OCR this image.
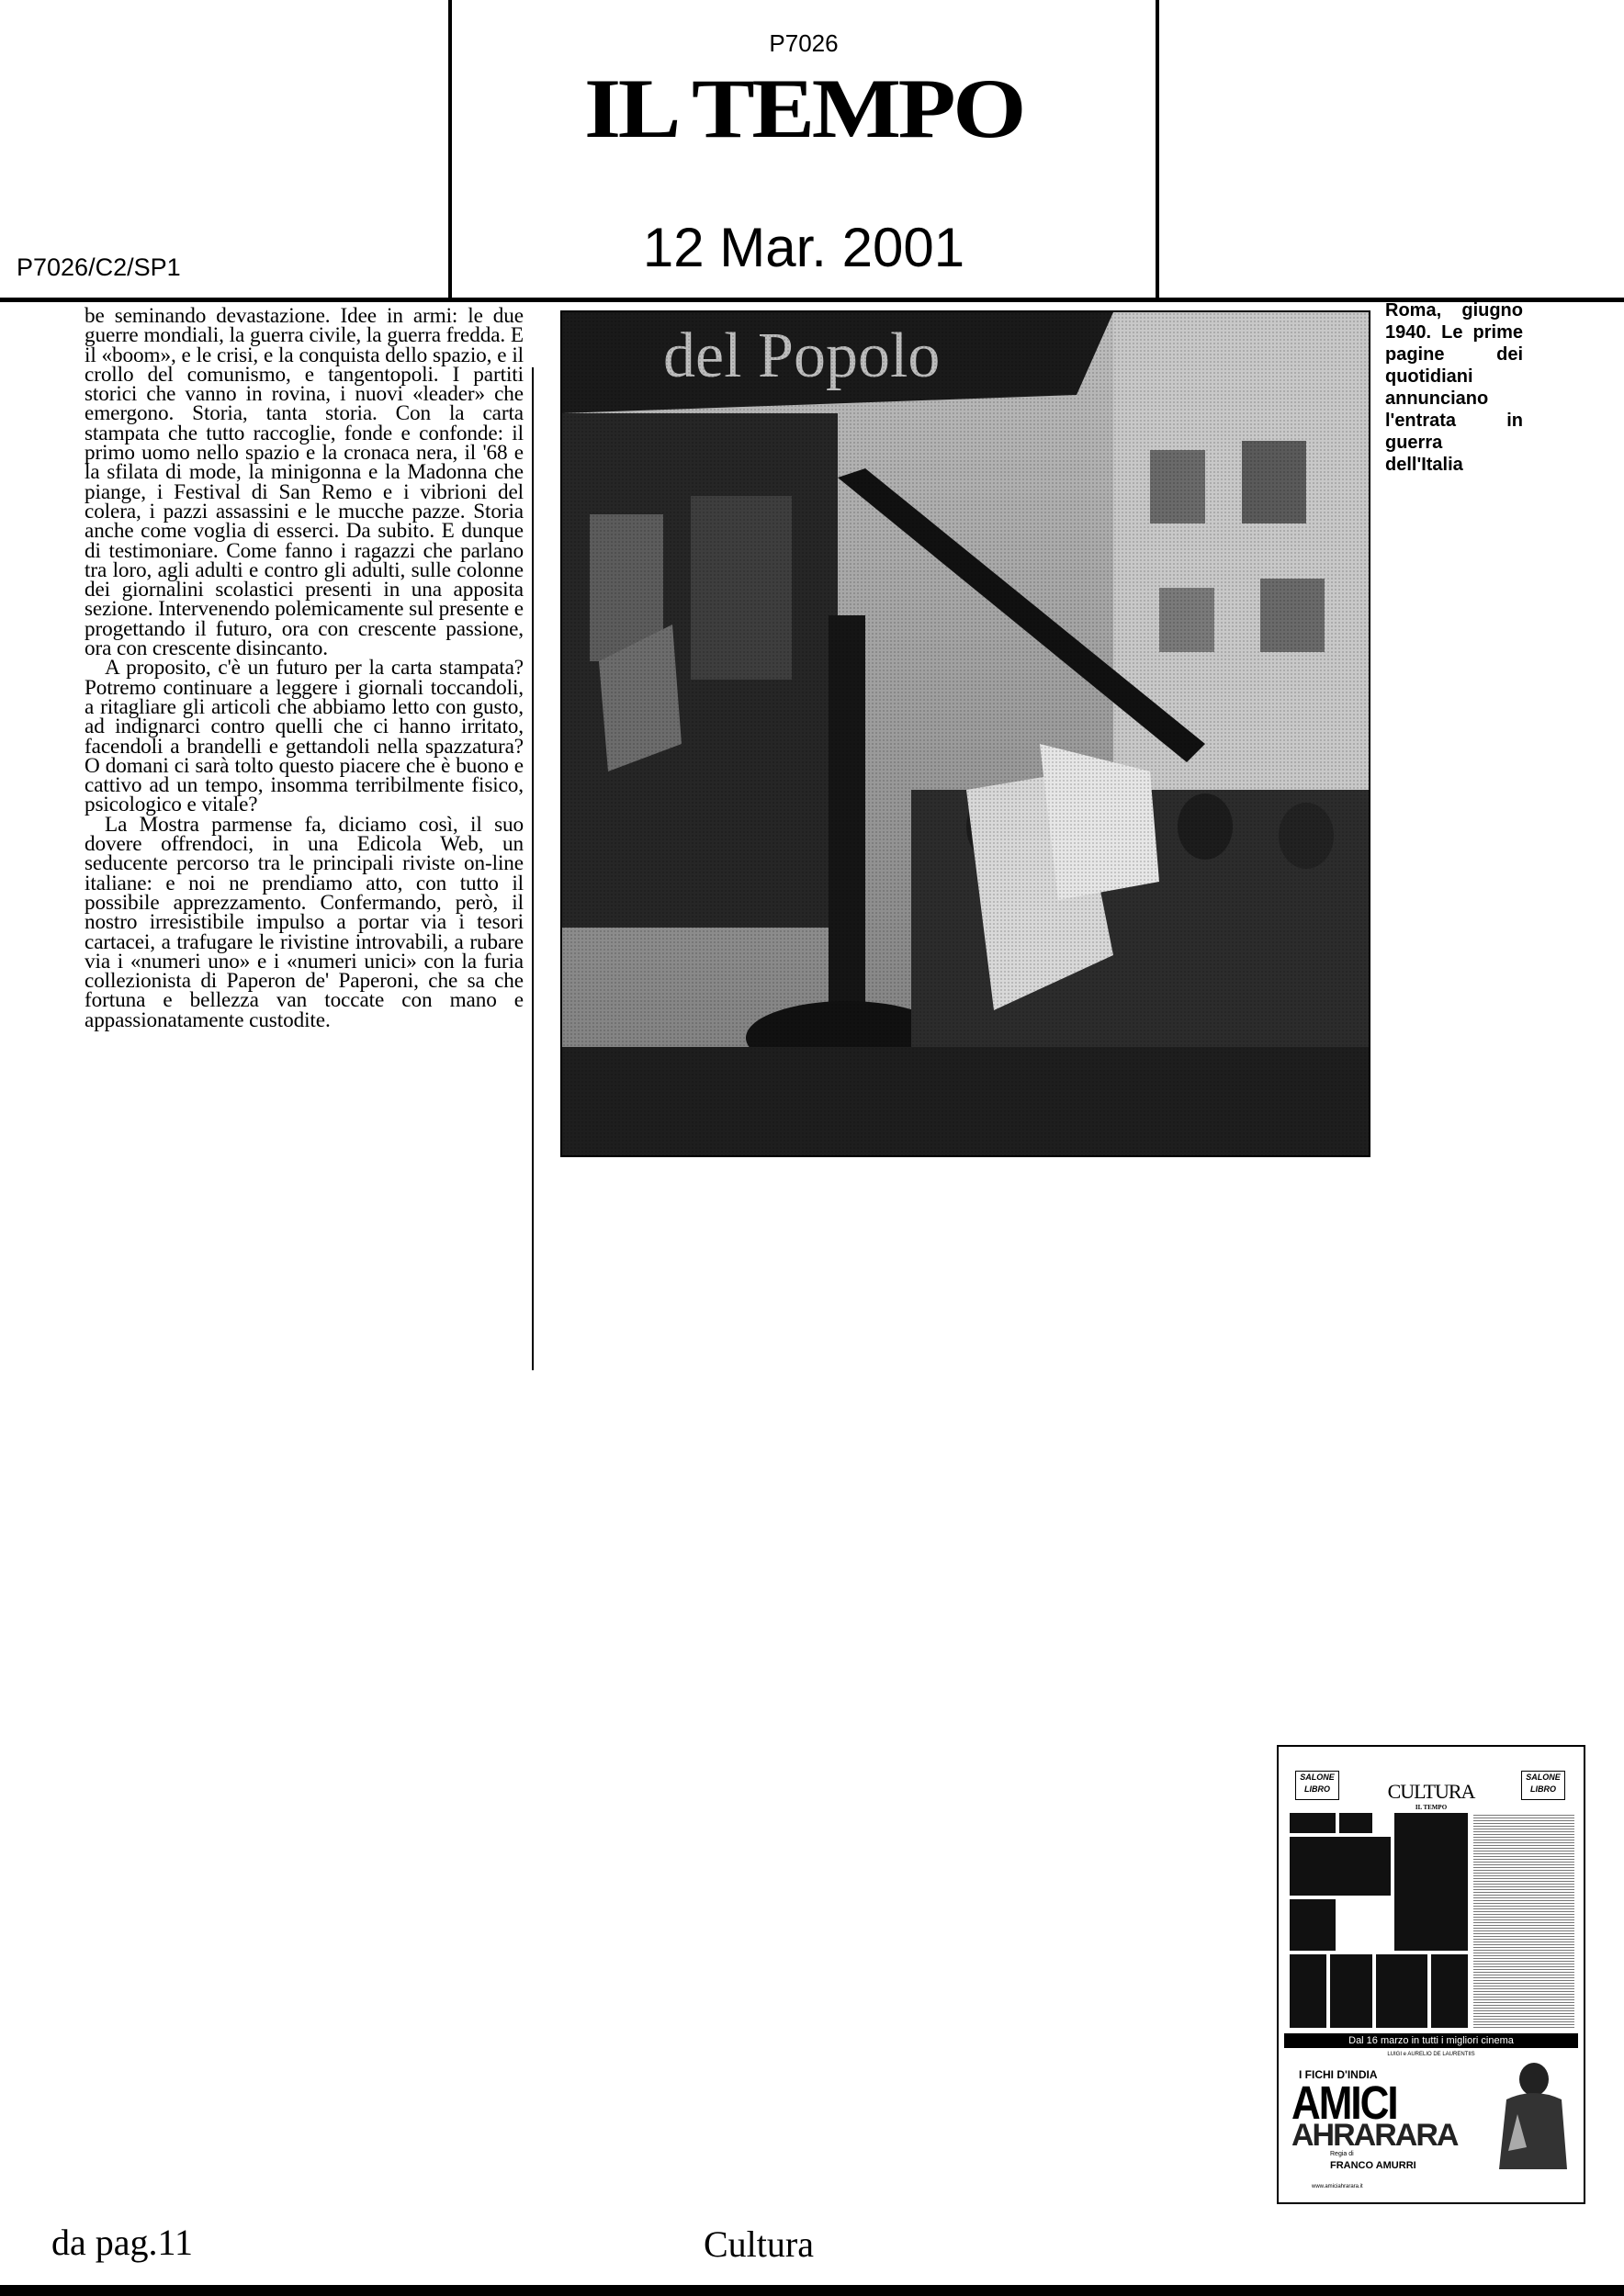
P7026/C2/SP1
P7026
IL TEMPO
12 Mar. 2001

be seminando devastazione. Idee in armi: le due guerre mondiali, la guerra civile, la guerra fredda. E il «boom», e le crisi, e la conquista dello spazio, e il crollo del comunismo, e tangentopoli. I partiti storici che vanno in rovina, i nuovi «leader» che emergono. Storia, tanta storia. Con la carta stampata che tutto raccoglie, fonde e confonde: il primo uomo nello spazio e la cronaca nera, il '68 e la sfilata di mode, la minigonna e la Madonna che piange, i Festival di San Remo e i vibrioni del colera, i pazzi assassini e le mucche pazze. Storia anche come voglia di esserci. Da subito. E dunque di testimoniare. Come fanno i ragazzi che parlano tra loro, agli adulti e contro gli adulti, sulle colonne dei giornalini scolastici presenti in una apposita sezione. Intervenendo polemicamente sul presente e progettando il futuro, ora con crescente passione, ora con crescente disincanto.

A proposito, c'è un futuro per la carta stampata? Potremo continuare a leggere i giornali toccandoli, a ritagliare gli articoli che abbiamo letto con gusto, ad indignarci contro quelli che ci hanno irritato, facendoli a brandelli e gettandoli nella spazzatura? O domani ci sarà tolto questo piacere che è buono e cattivo ad un tempo, insomma terribilmente fisico, psicologico e vitale?

La Mostra parmense fa, diciamo così, il suo dovere offrendoci, in una Edicola Web, un seducente percorso tra le principali riviste on-line italiane: e noi ne prendiamo atto, con tutto il possibile apprezzamento. Confermando, però, il nostro irresistibile impulso a portar via i tesori cartacei, a trafugare le rivistine introvabili, a rubare via i «numeri uno» e i «numeri unici» con la furia collezionista di Paperon de' Paperoni, che sa che fortuna e bellezza van toccate con mano e appassionatamente custodite.

Roma, giugno 1940. Le prime pagine dei quotidiani annunciano l'entrata in guerra dell'Italia
SALONE LIBRO
SALONE LIBRO
CULTURA
IL TEMPO
Dal 16 marzo in tutti i migliori cinema
LUIGI e AURELIO DE LAURENTIIS
I FICHI D'INDIA
AMICI
AHRARARA
Regia di
FRANCO AMURRI
www.amiciahrarara.it
da pag.11	Cultura
